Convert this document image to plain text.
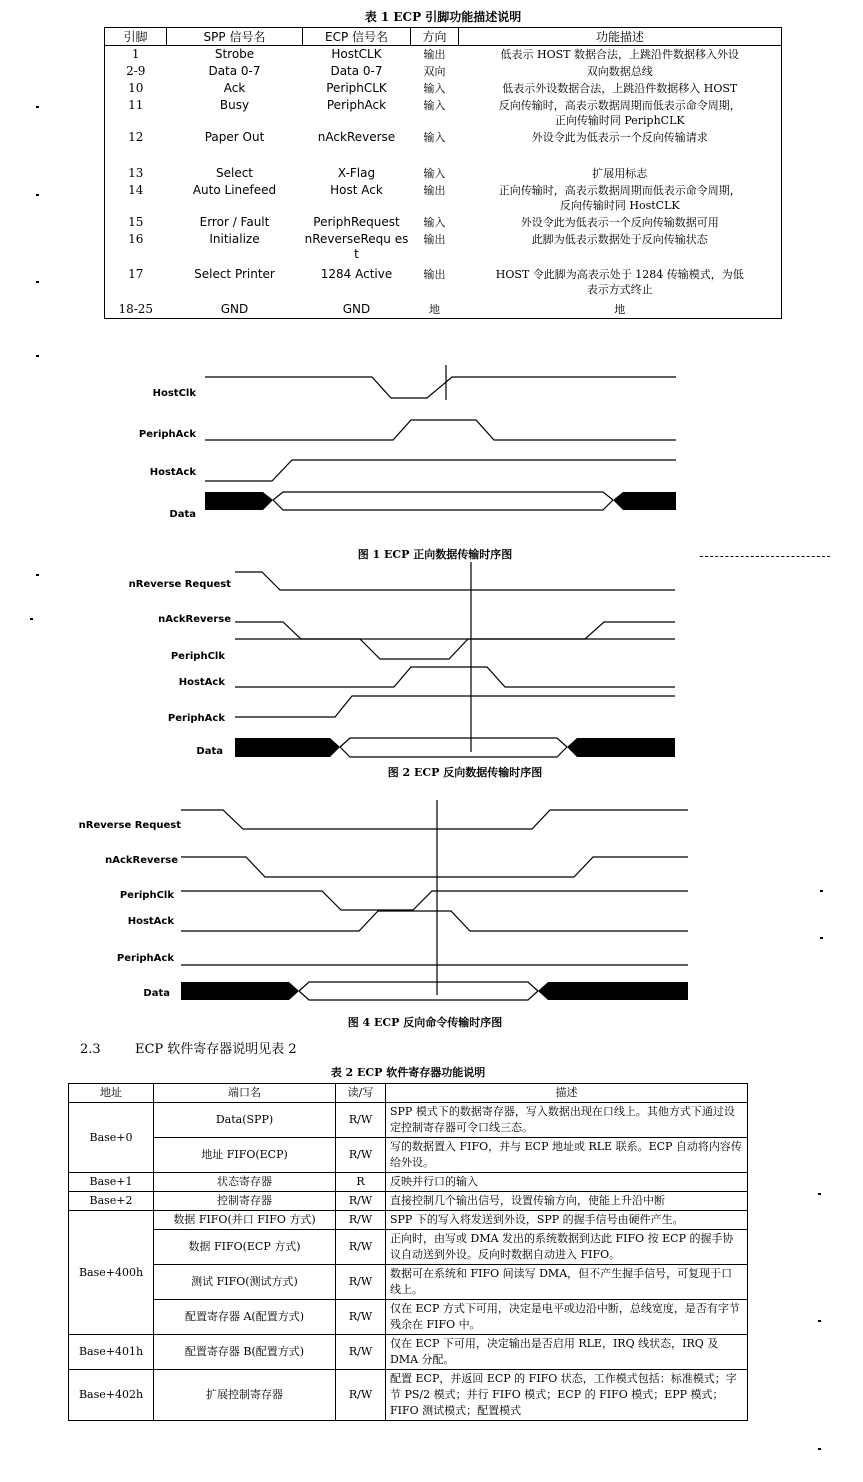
表 1 ECP 引脚功能描述说明
引脚	SPP 信号名	ECP 信号名	方向	功能描述
1	Strobe	HostCLK	输出	低表示 HOST 数据合法，上跳沿件数据移入外设

2-9	Data 0-7	Data 0-7	双向	双向数据总线

10	Ack	PeriphCLK	输入	低表示外设数据合法，上跳沿件数据移入 HOST

11	Busy	PeriphAck	输入	反向传输时，高表示数据周期而低表示命令周期，
正向传输时同 PeriphCLK

12	Paper Out	nAckReverse	输入	外设令此为低表示一个反向传输请求

13	Select	X-Flag	输入	扩展用标志

14	Auto Linefeed	Host Ack	输出	正向传输时，高表示数据周期而低表示命令周期，
反向传输时同 HostCLK

15	Error / Fault	PeriphRequest	输入	外设令此为低表示一个反向传输数据可用

16	Initialize	nReverseRequ est	输出	此脚为低表示数据处于反向传输状态

17	Select Printer	1284 Active	输出	HOST 令此脚为高表示处于 1284 传输模式，为低
表示方式终止

18-25	GND	GND	地	地
HostClk
PeriphAck
HostAck
Data
图 1 ECP 正向数据传输时序图
nReverse Request
nAckReverse
PeriphClk
HostAck
PeriphAck
Data
图 2 ECP 反向数据传输时序图
nReverse Request
nAckReverse
PeriphClk
HostAck
PeriphAck
Data
图 4 ECP 反向命令传输时序图
2.3	ECP 软件寄存器说明见表 2
表 2 ECP 软件寄存器功能说明
地址	端口名	读/写	描述
Base+0	Data(SPP)	R/W	SPP 模式下的数据寄存器，写入数据出现在口线上。其他方式下通过设定控制寄存器可令口线三态。
	地址 FIFO(ECP)	R/W	写的数据置入 FIFO，并与 ECP 地址或 RLE 联系。ECP 自动将内容传给外设。
Base+1	状态寄存器	R	反映并行口的输入
Base+2	控制寄存器	R/W	直接控制几个输出信号，设置传输方向，使能上升沿中断
Base+400h	数据 FIFO(并口 FIFO 方式)	R/W	SPP 下的写入将发送到外设，SPP 的握手信号由硬件产生。
	数据 FIFO(ECP 方式)	R/W	正向时，由写或 DMA 发出的系统数据到达此 FIFO 按 ECP 的握手协议自动送到外设。反向时数据自动进入 FIFO。
	测试 FIFO(测试方式)	R/W	数据可在系统和 FIFO 间读写 DMA，但不产生握手信号，可复现于口线上。
	配置寄存器 A(配置方式)	R/W	仅在 ECP 方式下可用，决定是电平或边沿中断，总线宽度，是否有字节残余在 FIFO 中。
Base+401h	配置寄存器 B(配置方式)	R/W	仅在 ECP 下可用，决定输出是否启用 RLE，IRQ 线状态，IRQ 及 DMA 分配。
Base+402h	扩展控制寄存器	R/W	配置 ECP，并返回 ECP 的 FIFO 状态，工作模式包括：标准模式；字节 PS/2 模式；并行 FIFO 模式；ECP 的 FIFO 模式；EPP 模式；FIFO 测试模式；配置模式
